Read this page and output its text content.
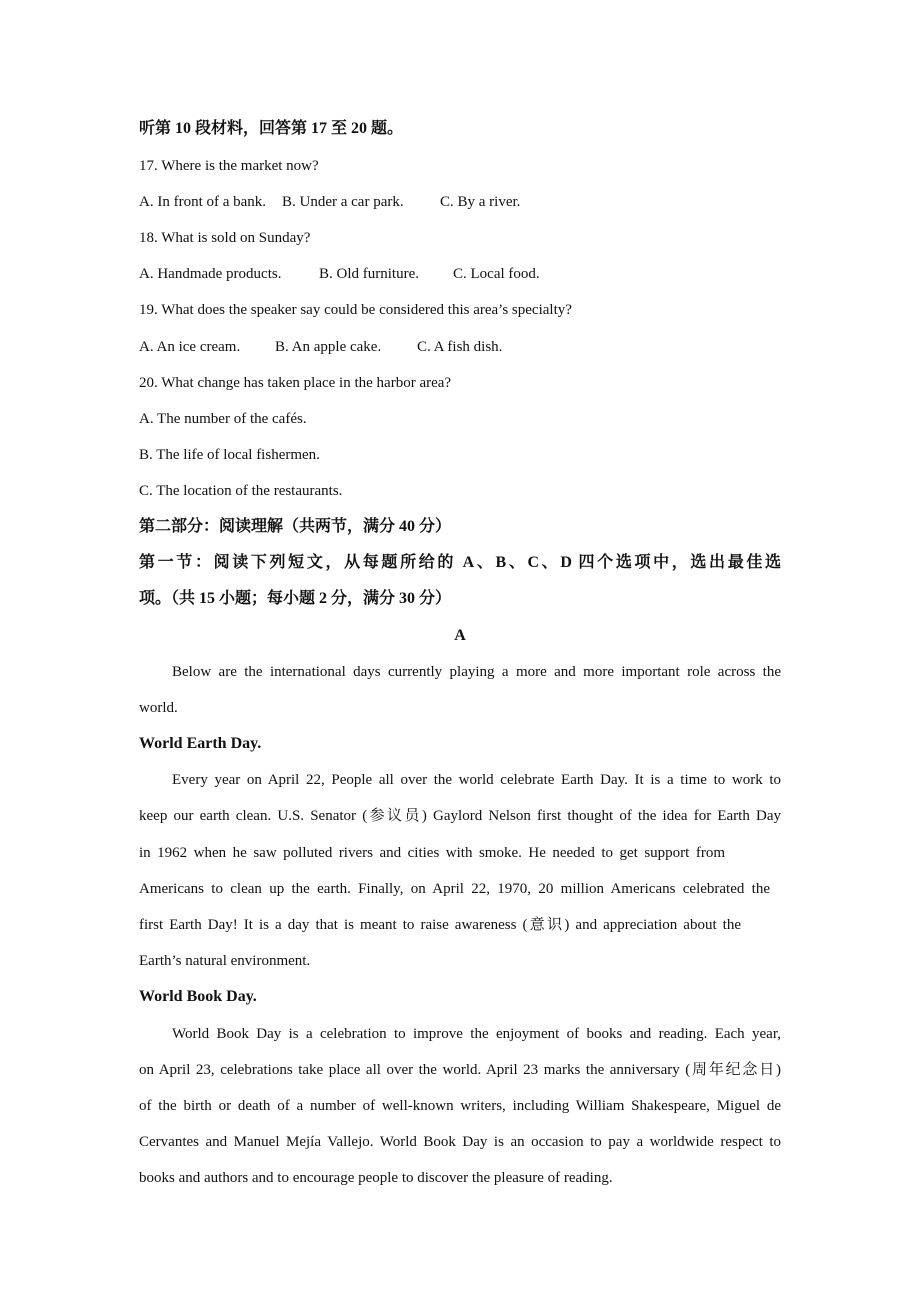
听第 10 段材料，回答第 17 至 20 题。
17. Where is the market now?
A. In front of a bank. B. Under a car park. C. By a river.
18. What is sold on Sunday?
A. Handmade products.	B. Old furniture. C. Local food.
19. What does the speaker say could be considered this area’s specialty?
A. An ice cream. B. An apple cake. C. A fish dish.
20. What change has taken place in the harbor area?
A. The number of the cafés.
B. The life of local fishermen.
C. The location of the restaurants.
第二部分：阅读理解（共两节，满分 40 分）
第一节：阅读下列短文，从每题所给的 A、B、C、D 四个选项中，选出最佳选
项。（共 15 小题；每小题 2 分，满分 30 分）
A
Below are the international days currently playing a more and more important role across the
world.
World Earth Day.
Every year on April 22, People all over the world celebrate Earth Day. It is a time to work to
keep our earth clean. U.S. Senator (参议员) Gaylord Nelson first thought of the idea for Earth Day
in 1962 when he saw polluted rivers and cities with smoke. He needed to get support from
Americans to clean up the earth. Finally, on April 22, 1970, 20 million Americans celebrated the
first Earth Day! It is a day that is meant to raise awareness (意识) and appreciation about the
Earth’s natural environment.
World Book Day.
World Book Day is a celebration to improve the enjoyment of books and reading. Each year,
on April 23, celebrations take place all over the world. April 23 marks the anniversary (周年纪念日)
of the birth or death of a number of well-known writers, including William Shakespeare, Miguel de
Cervantes and Manuel Mejía Vallejo. World Book Day is an occasion to pay a worldwide respect to
books and authors and to encourage people to discover the pleasure of reading.
